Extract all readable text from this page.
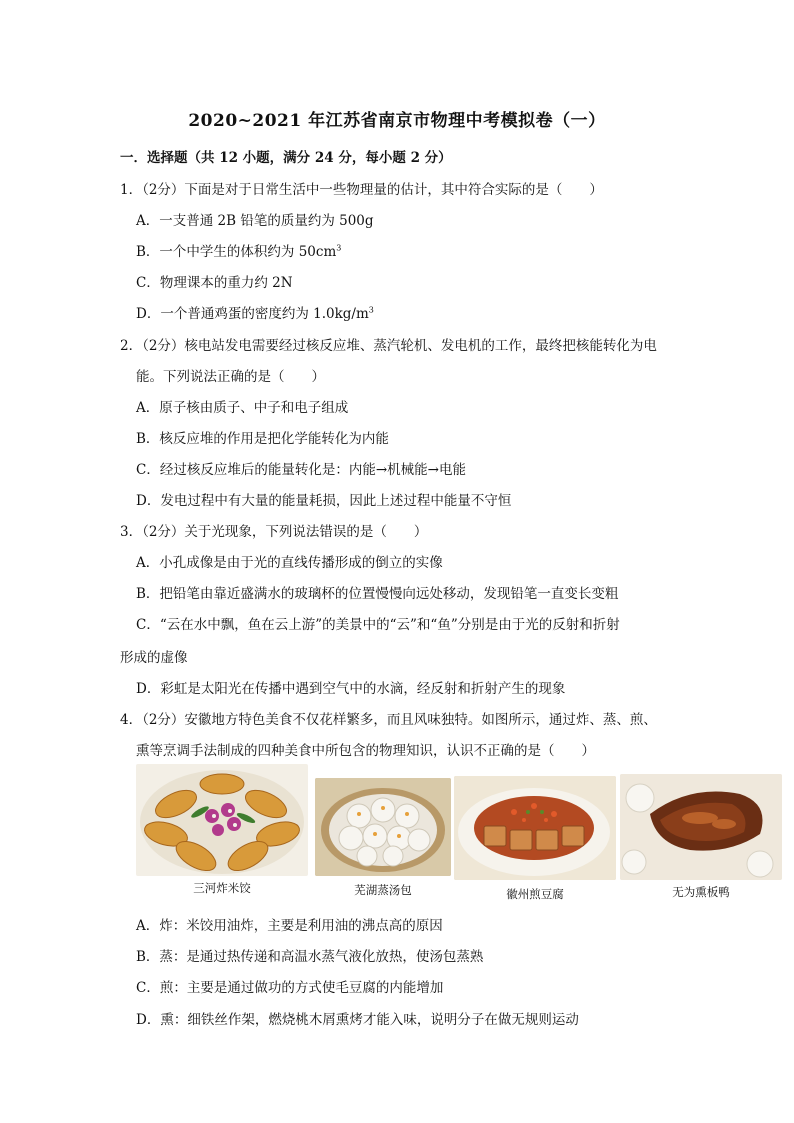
2020~2021 年江苏省南京市物理中考模拟卷（一）
一．选择题（共 12 小题，满分 24 分，每小题 2 分）
1．（2分）下面是对于日常生活中一些物理量的估计，其中符合实际的是（　　）
A．一支普通 2B 铅笔的质量约为 500g
B．一个中学生的体积约为 $50cm^3$
C．物理课本的重力约 2N
D．一个普通鸡蛋的密度约为 $1.0kg/m^3$
2．（2分）核电站发电需要经过核反应堆、蒸汽轮机、发电机的工作，最终把核能转化为电
能。下列说法正确的是（　　）
A．原子核由质子、中子和电子组成
B．核反应堆的作用是把化学能转化为内能
C．经过核反应堆后的能量转化是：内能→机械能→电能
D．发电过程中有大量的能量耗损，因此上述过程中能量不守恒
3．（2分）关于光现象，下列说法错误的是（　　）
A．小孔成像是由于光的直线传播形成的倒立的实像
B．把铅笔由靠近盛满水的玻璃杯的位置慢慢向远处移动，发现铅笔一直变长变粗
C．“云在水中飘，鱼在云上游”的美景中的“云”和“鱼”分别是由于光的反射和折射
形成的虚像
D．彩虹是太阳光在传播中遇到空气中的水滴，经反射和折射产生的现象
4．（2分）安徽地方特色美食不仅花样繁多，而且风味独特。如图所示，通过炸、蒸、煎、
熏等烹调手法制成的四种美食中所包含的物理知识，认识不正确的是（　　）
三河炸米饺	芜湖蒸汤包	徽州煎豆腐	无为熏板鸭
A．炸：米饺用油炸，主要是利用油的沸点高的原因
B．蒸：是通过热传递和高温水蒸气液化放热，使汤包蒸熟
C．煎：主要是通过做功的方式使毛豆腐的内能增加
D．熏：细铁丝作架，燃烧桃木屑熏烤才能入味，说明分子在做无规则运动
